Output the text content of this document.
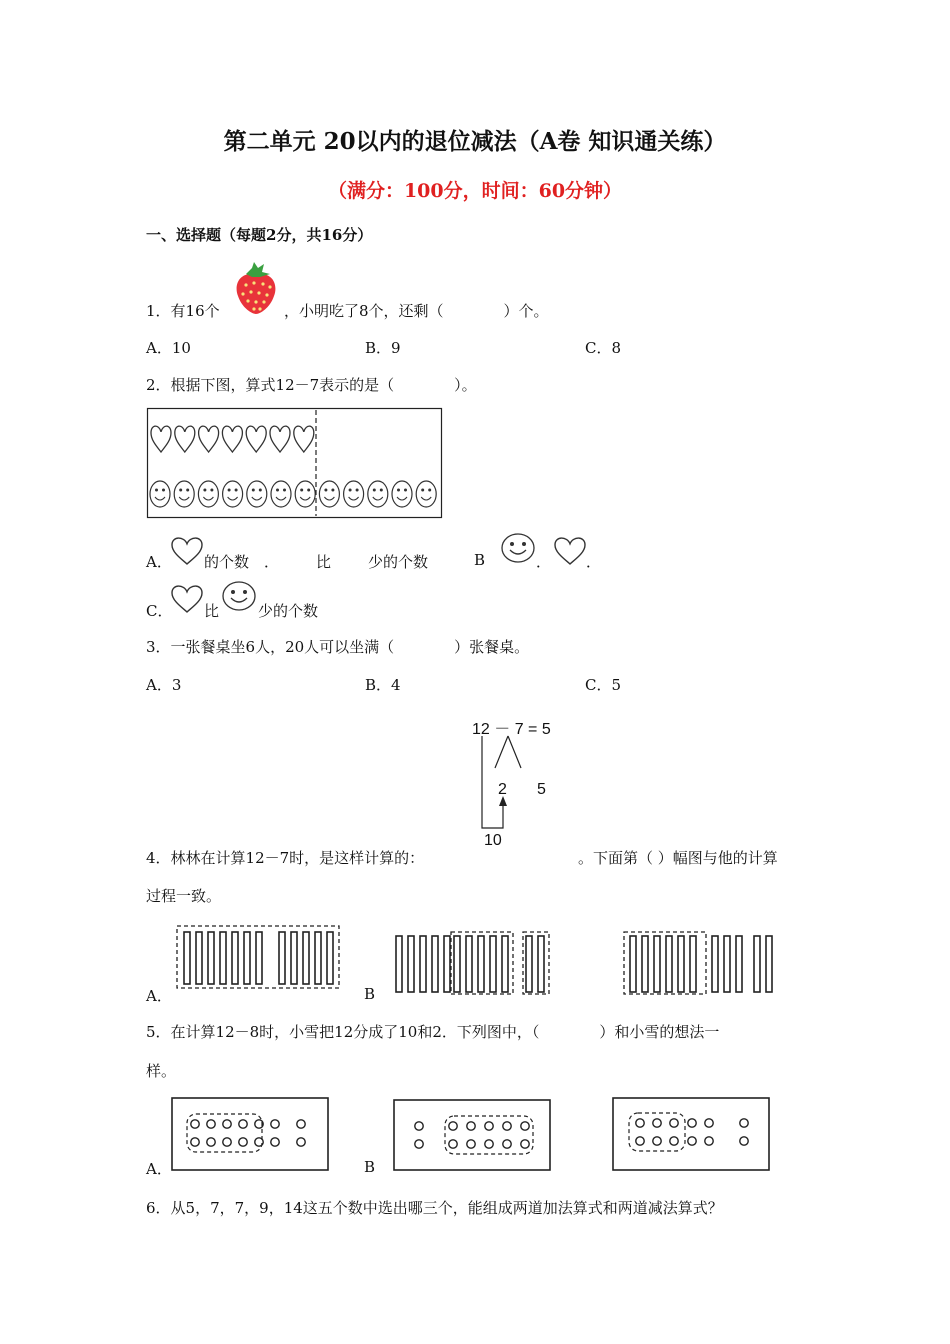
第二单元 20以内的退位减法（A卷 知识通关练）
（满分：100分，时间：60分钟）
一、选择题（每题2分，共16分）
1．有16个	，小明吃了8个，还剩（　　　　）个。
A．10	B．9	C．8
2．根据下图，算式12－7表示的是（　　　　）。
A． 的个数 ． 比 少的个数	B	． ．
C． 比	少的个数
3．一张餐桌坐6人，20人可以坐满（　　　　）张餐桌。
A．3	B．4	C．5
12 － 7 = 5
2 5
10
4．林林在计算12－7时，是这样计算的：	。下面第（ ）幅图与他的计算
过程一致。
A．	B
5．在计算12－8时，小雪把12分成了10和2．下列图中，（　　　　）和小雪的想法一
样。
A．	B
6．从5，7，7，9，14这五个数中选出哪三个，能组成两道加法算式和两道减法算式？
